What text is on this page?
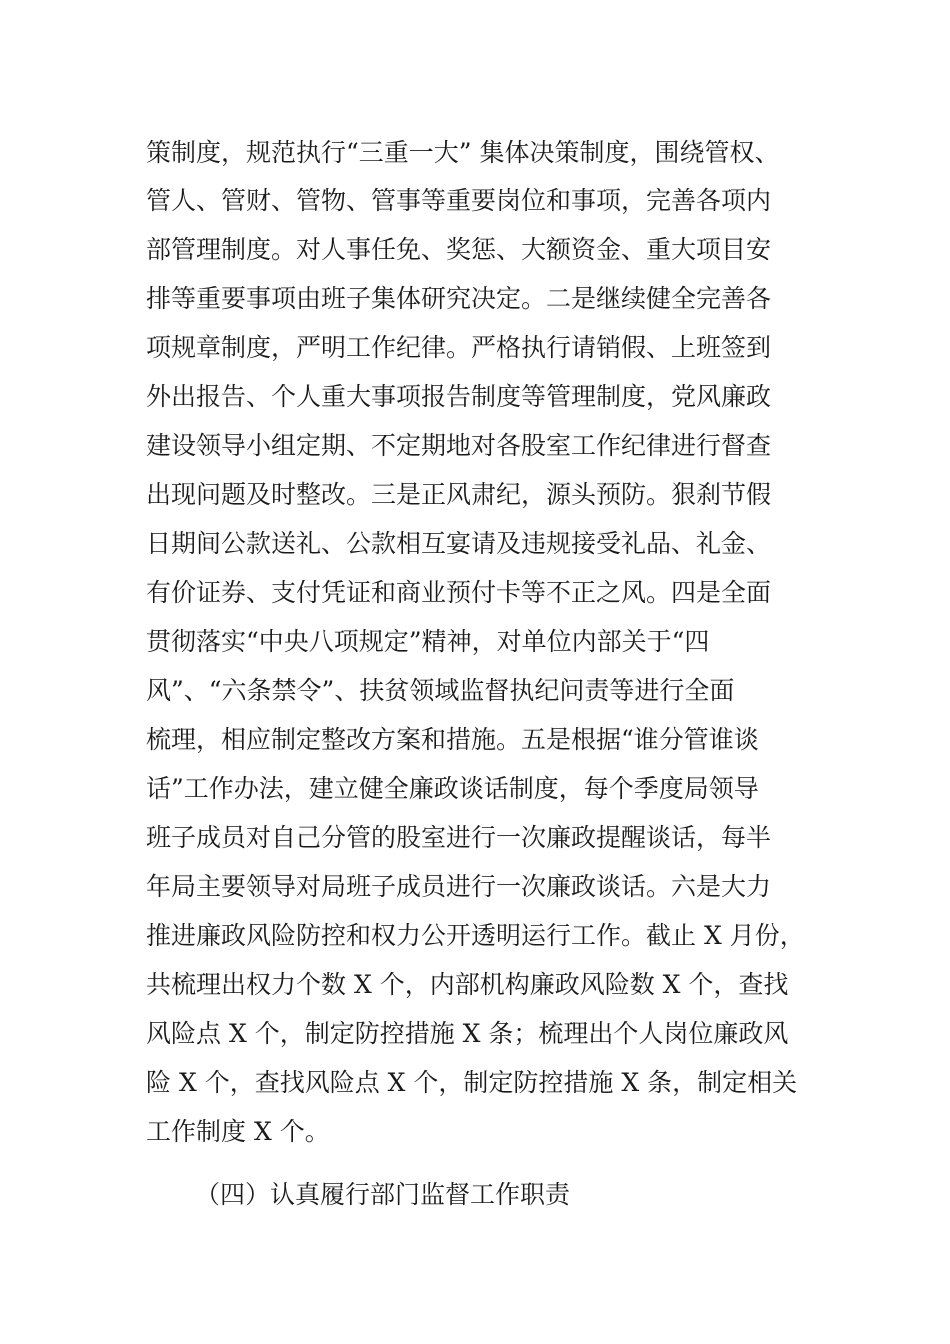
策制度，规范执行“三重一大” 集体决策制度，围绕管权、
管人、管财、管物、管事等重要岗位和事项，完善各项内
部管理制度。对人事任免、奖惩、大额资金、重大项目安
排等重要事项由班子集体研究决定。二是继续健全完善各
项规章制度，严明工作纪律。严格执行请销假、上班签到
外出报告、个人重大事项报告制度等管理制度，党风廉政
建设领导小组定期、不定期地对各股室工作纪律进行督查
出现问题及时整改。三是正风肃纪，源头预防。狠刹节假
日期间公款送礼、公款相互宴请及违规接受礼品、礼金、
有价证券、支付凭证和商业预付卡等不正之风。四是全面
贯彻落实“中央八项规定”精神，对单位内部关于“四
风”、“六条禁令”、扶贫领域监督执纪问责等进行全面
梳理，相应制定整改方案和措施。五是根据“谁分管谁谈
话”工作办法，建立健全廉政谈话制度，每个季度局领导
班子成员对自己分管的股室进行一次廉政提醒谈话，每半
年局主要领导对局班子成员进行一次廉政谈话。六是大力
推进廉政风险防控和权力公开透明运行工作。截止 X 月份，
共梳理出权力个数 X 个，内部机构廉政风险数 X 个，查找
风险点 X 个，制定防控措施 X 条；梳理出个人岗位廉政风
险 X 个，查找风险点 X 个，制定防控措施 X 条，制定相关
工作制度 X 个。
（四）认真履行部门监督工作职责
